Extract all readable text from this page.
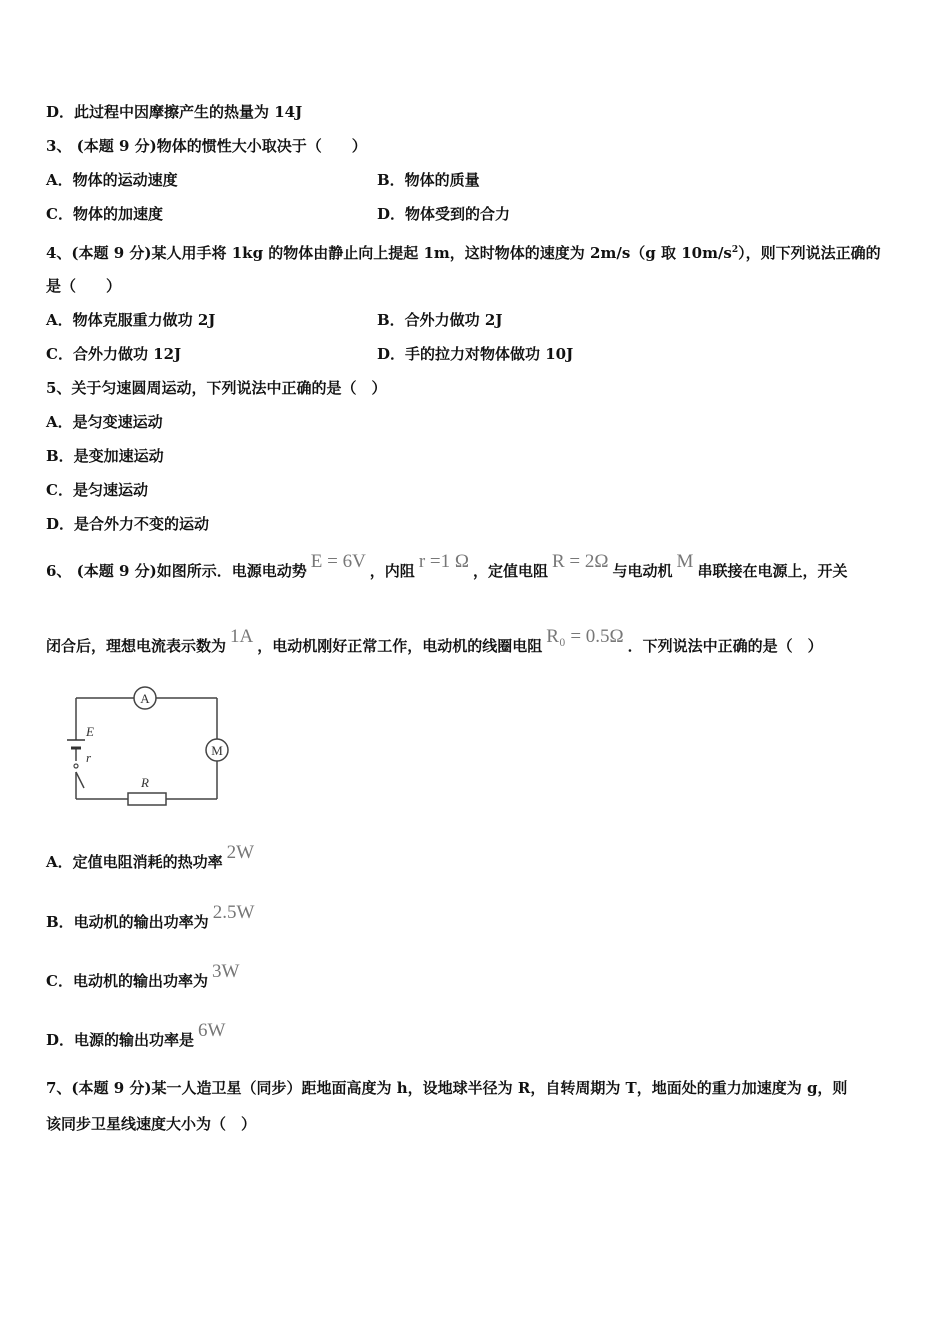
D．此过程中因摩擦产生的热量为 14J
3、 (本题 9 分)物体的惯性大小取决于（　　）
A．物体的运动速度	B．物体的质量
C．物体的加速度	D．物体受到的合力
4、(本题 9 分)某人用手将 1kg 的物体由静止向上提起 1m，这时物体的速度为 2m/s（g 取 $10m/s^2$），则下列说法正确的
是（　　）
A．物体克服重力做功 2J	B．合外力做功 2J
C．合外力做功 12J	D．手的拉力对物体做功 10J
5、关于匀速圆周运动，下列说法中正确的是（　）
A．是匀变速运动
B．是变加速运动
C．是匀速运动
D．是合外力不变的运动
6、 (本题 9 分)如图所示．电源电动势 E = 6V ，内阻 r =1 Ω ，定值电阻 R = 2Ω 与电动机 M 串联接在电源上，开关
闭合后，理想电流表示数为 1A ，电动机刚好正常工作，电动机的线圈电阻 R₀ = 0.5Ω ．下列说法中正确的是（　）
A
M
E
r
R
A．定值电阻消耗的热功率 2W
B．电动机的输出功率为 2.5W
C．电动机的输出功率为 3W
D．电源的输出功率是 6W
7、(本题 9 分)某一人造卫星（同步）距地面高度为 h，设地球半径为 R，自转周期为 T，地面处的重力加速度为 g，则
该同步卫星线速度大小为（　）
